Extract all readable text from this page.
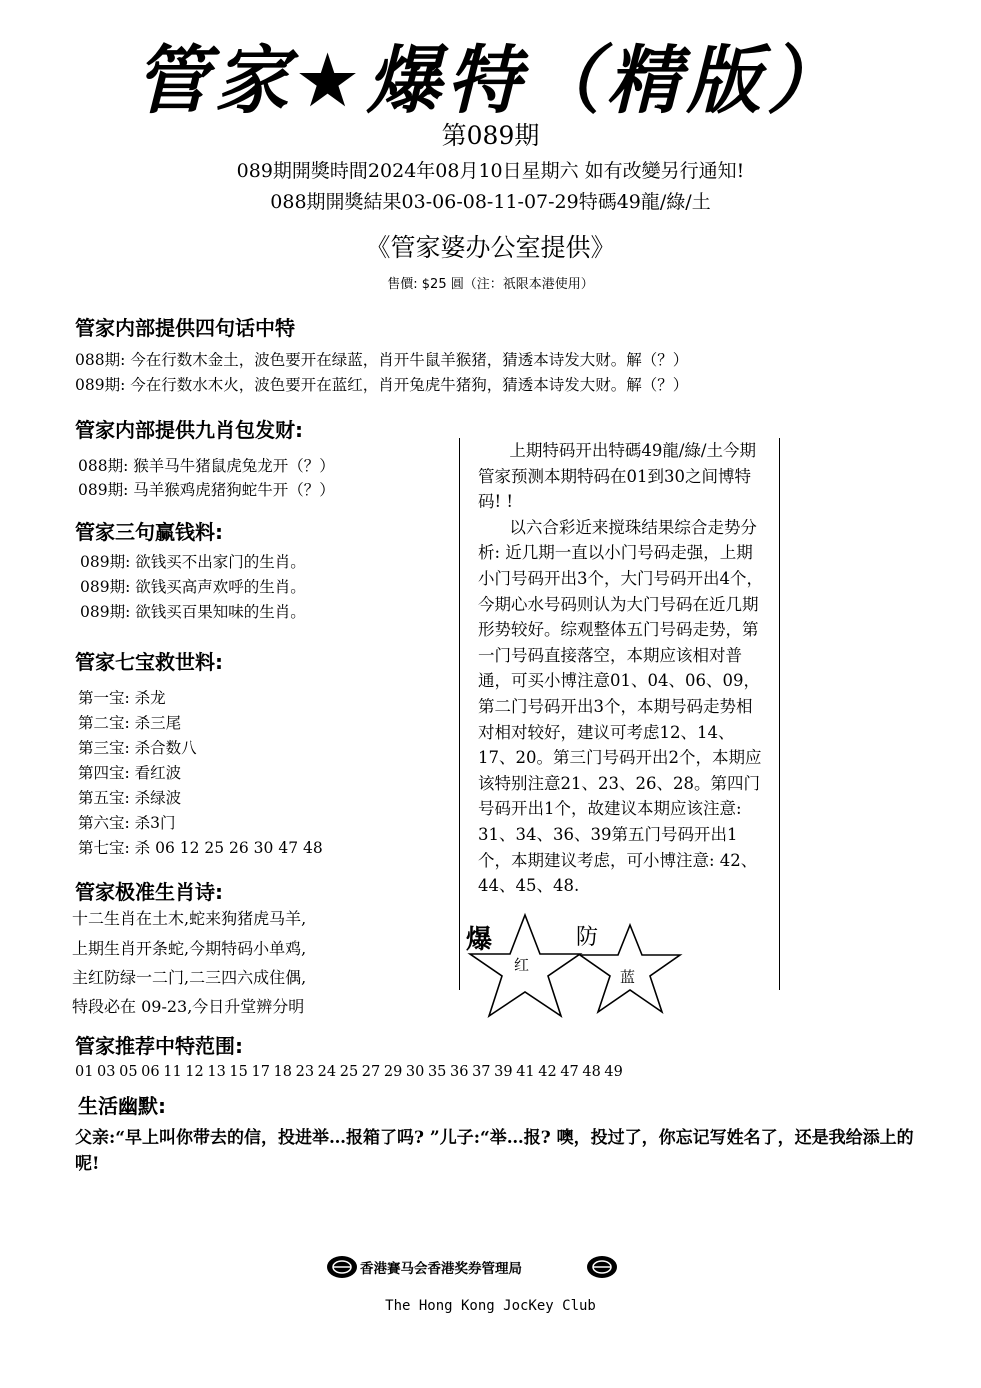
管家★爆特（精版）
第089期
089期開獎時間2024年08月10日星期六 如有改變另行通知!
088期開獎結果03-06-08-11-07-29特碼49龍/綠/土
《管家婆办公室提供》
售價: $25 圓（注：祇限本港使用）
管家内部提供四句话中特
088期: 今在行数木金土，波色要开在绿蓝，肖开牛鼠羊猴猪，猜透本诗发大财。解（？）
089期: 今在行数水木火，波色要开在蓝红，肖开兔虎牛猪狗，猜透本诗发大财。解（？）
管家内部提供九肖包发财:
088期: 猴羊马牛猪鼠虎兔龙开（？）
089期: 马羊猴鸡虎猪狗蛇牛开（？）
管家三句赢钱料:
089期: 欲钱买不出家门的生肖。
089期: 欲钱买高声欢呼的生肖。
089期: 欲钱买百果知味的生肖。
管家七宝救世料:
第一宝: 杀龙
第二宝: 杀三尾
第三宝: 杀合数八
第四宝: 看红波
第五宝: 杀绿波
第六宝: 杀3门
第七宝: 杀 06 12 25 26 30 47 48
管家极准生肖诗:
十二生肖在土木,蛇来狗猪虎马羊,
上期生肖开条蛇,今期特码小单鸡,
主红防绿一二门,二三四六成住偶,
特段必在 09-23,今日升堂辨分明

上期特码开出特碼49龍/綠/土今期管家预测本期特码在01到30之间博特码! !

以六合彩近来搅珠结果综合走势分析: 近几期一直以小门号码走强，上期小门号码开出3个，大门号码开出4个，今期心水号码则认为大门号码在近几期形势较好。综观整体五门号码走势，第一门号码直接落空，本期应该相对普通，可买小博注意01、04、06、09，第二门号码开出3个，本期号码走势相对相对较好，建议可考虑12、14、17、20。第三门号码开出2个，本期应该特别注意21、23、26、28。第四门号码开出1个，故建议本期应该注意: 31、34、36、39第五门号码开出1个，本期建议考虑，可小博注意: 42、44、45、48.

爆
红
防
蓝
管家推荐中特范围:
01 03 05 06 11 12 13 15 17 18 23 24 25 27 29 30 35 36 37 39 41 42 47 48 49
生活幽默:
父亲:“早上叫你带去的信，投进举…报箱了吗? ”儿子:“举…报? 噢，投过了，你忘记写姓名了，还是我给添上的呢!
香港賽马会香港奖券管理局
The Hong Kong JocKey Club
